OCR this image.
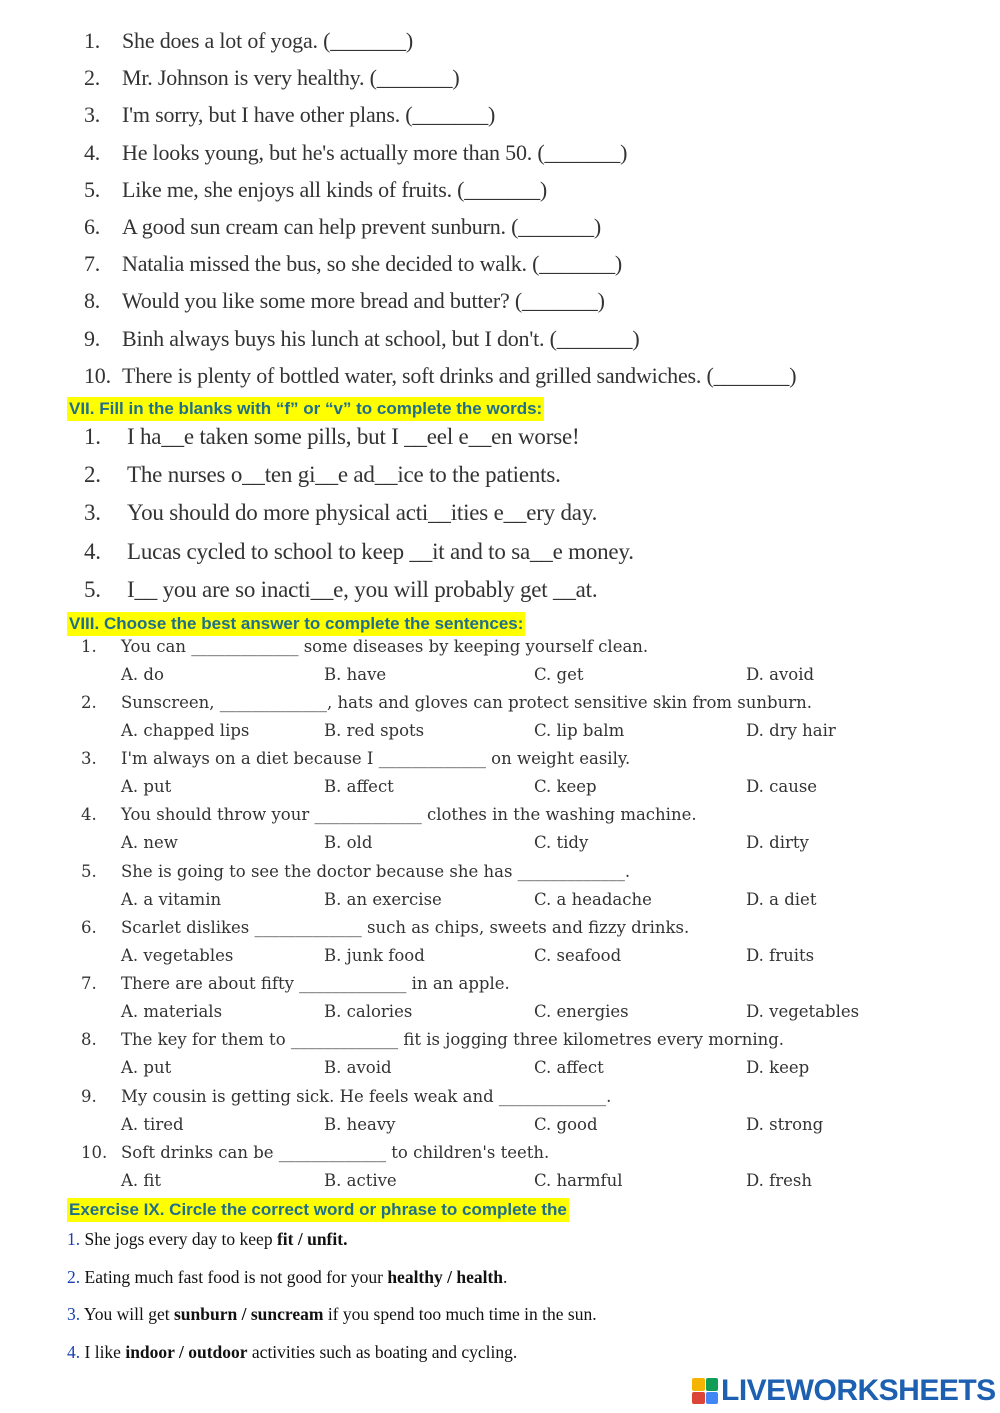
1. She does a lot of yoga. (_______)
2. Mr. Johnson is very healthy. (_______)
3. I'm sorry, but I have other plans. (_______)
4. He looks young, but he's actually more than 50. (_______)
5. Like me, she enjoys all kinds of fruits. (_______)
6. A good sun cream can help prevent sunburn. (_______)
7. Natalia missed the bus, so she decided to walk. (_______)
8. Would you like some more bread and butter? (_______)
9. Binh always buys his lunch at school, but I don't. (_______)
10. There is plenty of bottled water, soft drinks and grilled sandwiches. (_______)
VII. Fill in the blanks with “f” or “v” to complete the words:
1. I ha__e taken some pills, but I __eel e__en worse!
2. The nurses o__ten gi__e ad__ice to the patients.
3. You should do more physical acti__ities e__ery day.
4. Lucas cycled to school to keep __it and to sa__e money.
5. I__ you are so inacti__e, you will probably get __at.
VIII. Choose the best answer to complete the sentences:
1. You can _____________ some diseases by keeping yourself clean.
A. do	B. have	C. get	D. avoid
2. Sunscreen, _____________, hats and gloves can protect sensitive skin from sunburn.
A. chapped lips	B. red spots	C. lip balm	D. dry hair
3. I'm always on a diet because I _____________ on weight easily.
A. put	B. affect	C. keep	D. cause
4. You should throw your _____________ clothes in the washing machine.
A. new	B. old	C. tidy	D. dirty
5. She is going to see the doctor because she has _____________.
A. a vitamin	B. an exercise	C. a headache	D. a diet
6. Scarlet dislikes _____________ such as chips, sweets and fizzy drinks.
A. vegetables	B. junk food	C. seafood	D. fruits
7. There are about fifty _____________ in an apple.
A. materials	B. calories	C. energies	D. vegetables
8. The key for them to _____________ fit is jogging three kilometres every morning.
A. put	B. avoid	C. affect	D. keep
9. My cousin is getting sick. He feels weak and _____________.
A. tired	B. heavy	C. good	D. strong
10. Soft drinks can be _____________ to children's teeth.
A. fit	B. active	C. harmful	D. fresh
Exercise IX. Circle the correct word or phrase to complete the
1. She jogs every day to keep fit / unfit.
2. Eating much fast food is not good for your healthy / health.
3. You will get sunburn / suncream if you spend too much time in the sun.
4. I like indoor / outdoor activities such as boating and cycling.
LIVEWORKSHEETS
